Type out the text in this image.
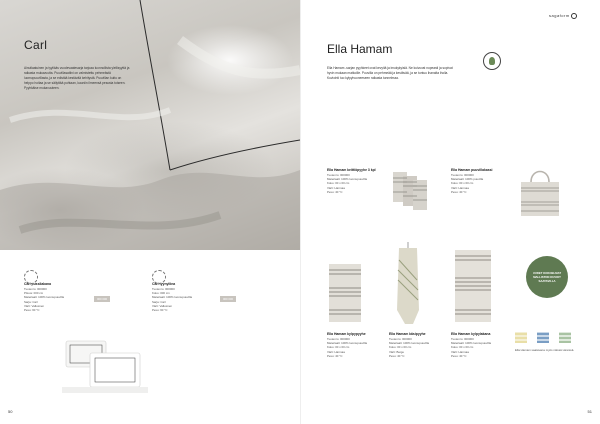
Carl
Ainutlaatuinen ja tyylikäs vuodevaatesarja tarjoaa luonnollista ylellisyyttä ja raikasta mukavuutta. Puuvillasatiini on valmistettu pehmeästä luomupuuvillasta, ja se edistää kestävää kehitystä. Puuvillan kuitu on helppo hoitaa ja se säilyttää puhtaan, kauniin ilmeensä pesusta toiseen. Pyyhkäise mukavuuteen.
Carl pussilakana
Tuotenro: 000000
Pituus: 000 cm
Materiaali: 100% luomupuuvilla
Sarja: Carl
Värit: Valkoinen
Pesu: 60 °C
000 000
Carl tyynyliina
Tuotenro: 000000
Koko: 000 cm
Materiaali: 100% luomupuuvilla
Sarja: Carl
Värit: Valkoinen
Pesu: 60 °C
000 000
50
sagaform
Ella Hamam
Ella Hamam -sarjan pyyhkeet ovat kevyitä ja imukykyisiä. Ne kuivuvat nopeasti ja sopivat hyvin mukaan matkoille. Puuvilla on pehmeää ja kestävää, ja se tuntuu ihanalta iholla. Kuviointi tuo kylpyhuoneeseen raikasta tunnelmaa.
Ella Hamam keittiöpyyhe 3 kpl
Tuotenro: 000000
Materiaali: 100% luomupuuvilla
Koko: 00 x 00 cm
Värit: Harmaa
Pesu: 40 °C
Ella Hamam puuvillakassi
Tuotenro: 000000
Materiaali: 100% puuvilla
Koko: 00 x 00 cm
Värit: Harmaa
Pesu: 40 °C
UUDET KOKOELMAT MALLISTON KUVIOT SAATAVILLA
Ella Hamam kylpypyyhe
Tuotenro: 000000
Materiaali: 100% luomupuuvilla
Koko: 00 x 00 cm
Värit: Harmaa
Pesu: 40 °C
Ella Hamam käsipyyhe
Tuotenro: 000000
Materiaali: 100% luomupuuvilla
Koko: 00 x 00 cm
Värit: Beige
Pesu: 40 °C
Ella Hamam kylpylakana
Tuotenro: 000000
Materiaali: 100% luomupuuvilla
Koko: 00 x 00 cm
Värit: Harmaa
Pesu: 40 °C
Ella Hamam saatavana myös näissä väreissä.
51
